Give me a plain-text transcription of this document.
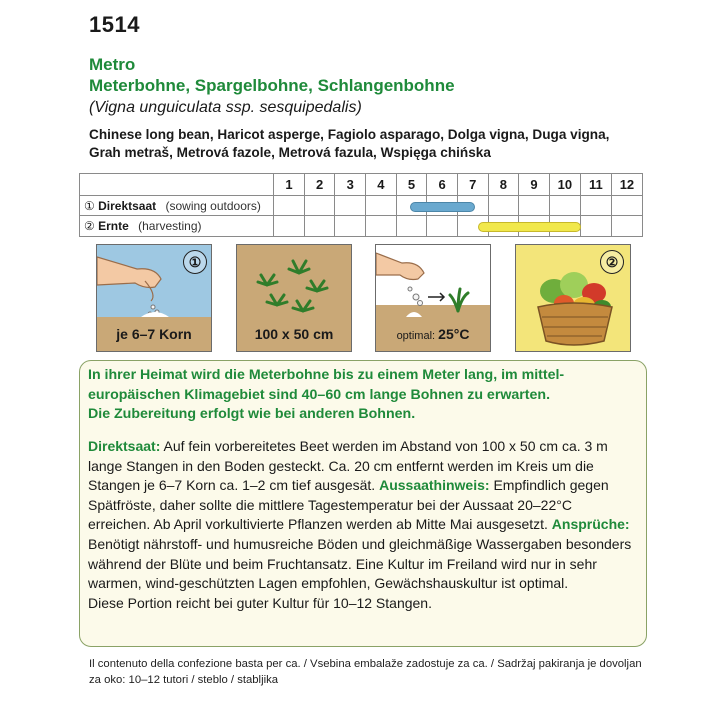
1514
Metro
Meterbohne, Spargelbohne, Schlangenbohne
(Vigna unguiculata ssp. sesquipedalis)
Chinese long bean, Haricot asperge, Fagiolo asparago, Dolga vigna, Duga vigna,
Grah metraš, Metrová fazole, Metrová fazula, Wspięga chińska
	1	2	3	4	5	6	7	8	9	10	11	12
① Direktsaat (sowing outdoors)												
② Ernte (harvesting)												
①
je 6–7 Korn	100 x 50 cm	optimal: 25°C
②
In ihrer Heimat wird die Meterbohne bis zu einem Meter lang, im mittel-
europäischen Klimagebiet sind 40–60 cm lange Bohnen zu erwarten.
Die Zubereitung erfolgt wie bei anderen Bohnen.
Direktsaat: Auf fein vorbereitetes Beet werden im Abstand von 100 x 50 cm ca. 3 m lange Stangen in den Boden gesteckt. Ca. 20 cm entfernt werden im Kreis um die Stangen je 6–7 Korn ca. 1–2 cm tief ausgesät. Aussaathinweis: Empfindlich gegen Spätfröste, daher sollte die mittlere Tagestemperatur bei der Aussaat 20–22°C erreichen. Ab April vorkultivierte Pflanzen werden ab Mitte Mai ausgesetzt. Ansprüche: Benötigt nährstoff- und humusreiche Böden und gleichmäßige Wassergaben besonders während der Blüte und beim Fruchtansatz. Eine Kultur im Freiland wird nur in sehr warmen, wind-geschützten Lagen empfohlen, Gewächshauskultur ist optimal.
Diese Portion reicht bei guter Kultur für 10–12 Stangen.
Il contenuto della confezione basta per ca. / Vsebina embalaže zadostuje za ca. / Sadržaj pakiranja je dovoljan za oko: 10–12 tutori / steblo / stabljika
